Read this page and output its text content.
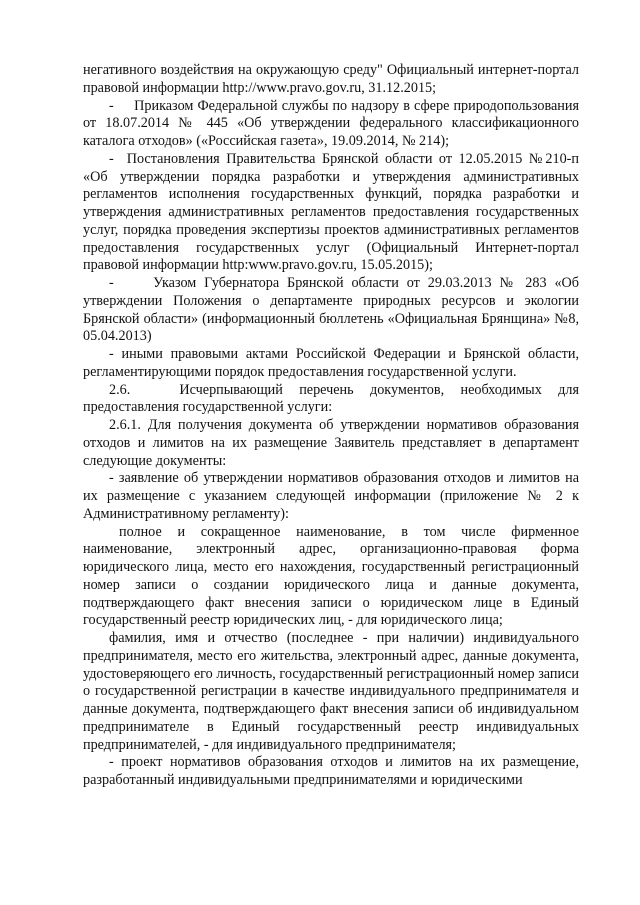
негативного воздействия на окружающую среду" Официальный интернет-портал правовой информации http://www.pravo.gov.ru, 31.12.2015;

-     Приказом Федеральной службы по надзору в сфере природопользования от 18.07.2014 № 445 «Об утверждении федерального классификационного каталога отходов» («Российская газета», 19.09.2014, № 214);

-  Постановления Правительства Брянской области от 12.05.2015 №210-п «Об утверждении порядка разработки и утверждения административных регламентов исполнения государственных функций, порядка разработки и утверждения административных регламентов предоставления государственных услуг, порядка проведения экспертизы проектов административных регламентов предоставления государственных услуг (Официальный Интернет-портал правовой информации http:www.pravo.gov.ru, 15.05.2015);

-     Указом Губернатора Брянской области от 29.03.2013 № 283 «Об утверждении Положения о департаменте природных ресурсов и экологии Брянской области» (информационный бюллетень «Официальная Брянщина» №8, 05.04.2013)

- иными правовыми актами Российской Федерации и Брянской области, регламентирующими порядок предоставления государственной услуги.

2.6.   Исчерпывающий перечень документов, необходимых для предоставления государственной услуги:

2.6.1. Для получения документа об утверждении нормативов образования отходов и лимитов на их размещение Заявитель представляет в департамент следующие документы:

- заявление об утверждении нормативов образования отходов и лимитов на их размещение с указанием следующей информации (приложение № 2 к Административному регламенту):

полное и сокращенное наименование, в том числе фирменное наименование, электронный адрес, организационно-правовая форма юридического лица, место его нахождения, государственный регистрационный номер записи о создании юридического лица и данные документа, подтверждающего факт внесения записи о юридическом лице в Единый государственный реестр юридических лиц, - для юридического лица;

фамилия, имя и отчество (последнее - при наличии) индивидуального предпринимателя, место его жительства, электронный адрес, данные документа, удостоверяющего его личность, государственный регистрационный номер записи о государственной регистрации в качестве индивидуального предпринимателя и данные документа, подтверждающего факт внесения записи об индивидуальном предпринимателе в Единый государственный реестр индивидуальных предпринимателей, - для индивидуального предпринимателя;

- проект нормативов образования отходов и лимитов на их размещение, разработанный индивидуальными предпринимателями и юридическими
